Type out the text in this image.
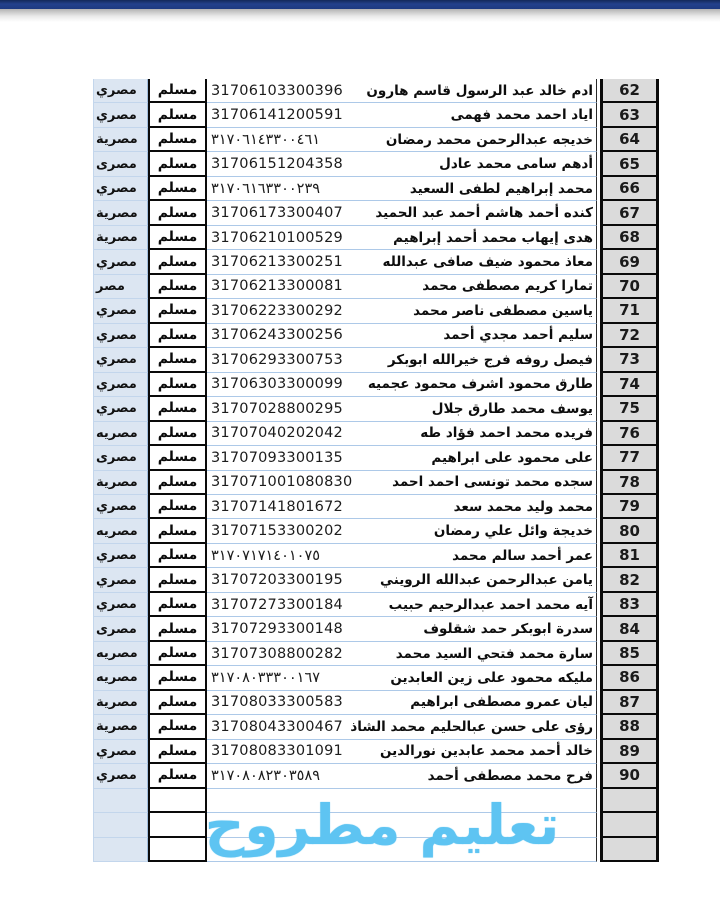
مصري	مسلم 31706103300396 ادم خالد عبد الرسول قاسم هارون	62
مصري	مسلم 31706141200591	اياد احمد محمد فهمى	63
مصرية	مسلم ٣١٧٠٦١٤٣٣٠٠٤٦١	خديجه عبدالرحمن محمد رمضان	64
مصرى	مسلم 31706151204358	أدهم سامى محمد عادل	65
مصري	مسلم ٣١٧٠٦١٦٣٣٠٠٢٣٩	محمد إبراهيم لطفى السعيد	66
مصرية	مسلم 31706173300407 كنده أحمد هاشم أحمد عبد الحميد	67
مصرية	مسلم 31706210100529	هدى إيهاب محمد أحمد إبراهيم	68
مصري	مسلم 31706213300251	معاذ محمود ضيف صافى عبدالله	69
مصر	مسلم 31706213300081	تمارا كريم مصطفى محمد	70
مصري	مسلم 31706223300292	ياسين مصطفى ناصر محمد	71
مصري	مسلم 31706243300256	سليم أحمد مجدي أحمد	72
مصري	مسلم 31706293300753	فيصل روفه فرج خيرالله ابوبكر	73
مصري	مسلم 31706303300099 طارق محمود اشرف محمود عجميه	74
مصري	مسلم 31707028800295	يوسف محمد طارق جلال	75
مصريه	مسلم 31707040202042	فريده محمد احمد فؤاد طه	76
مصرى	مسلم 31707093300135	على محمود على ابراهيم	77
مصرية	مسلم 317071001080830	سجده محمد تونسى احمد احمد	78
مصري	مسلم 31707141801672	محمد وليد محمد سعد	79
مصريه	مسلم 31707153300202	خديجة وائل علي رمضان	80
مصري	مسلم ٣١٧٠٧١٧١٤٠١٠٧٥	عمر أحمد سالم محمد	81
مصري	مسلم 31707203300195	يامن عبدالرحمن عبدالله الرويني	82
مصري	مسلم 31707273300184	آيه محمد احمد عبدالرحيم حبيب	83
مصرى	مسلم 31707293300148	سدرة ابوبكر حمد شقلوف	84
مصريه	مسلم 31707308800282	سارة محمد فتحي السيد محمد	85
مصريه	مسلم ٣١٧٠٨٠٣٣٣٠٠١٦٧	مليكه محمود على زين العابدين	86
مصرية	مسلم 31708033300583	ليان عمرو مصطفى ابراهيم	87
مصرية	مسلم 31708043300467 رؤى على حسن عبالحليم محمد الشاذ	88
مصري	مسلم 31708083301091	خالد أحمد محمد عابدين نورالدين	89
مصري	مسلم ٣١٧٠٨٠٨٢٣٠٣٥٨٩	فرح محمد مصطفى أحمد	90
تعليم مطروح
